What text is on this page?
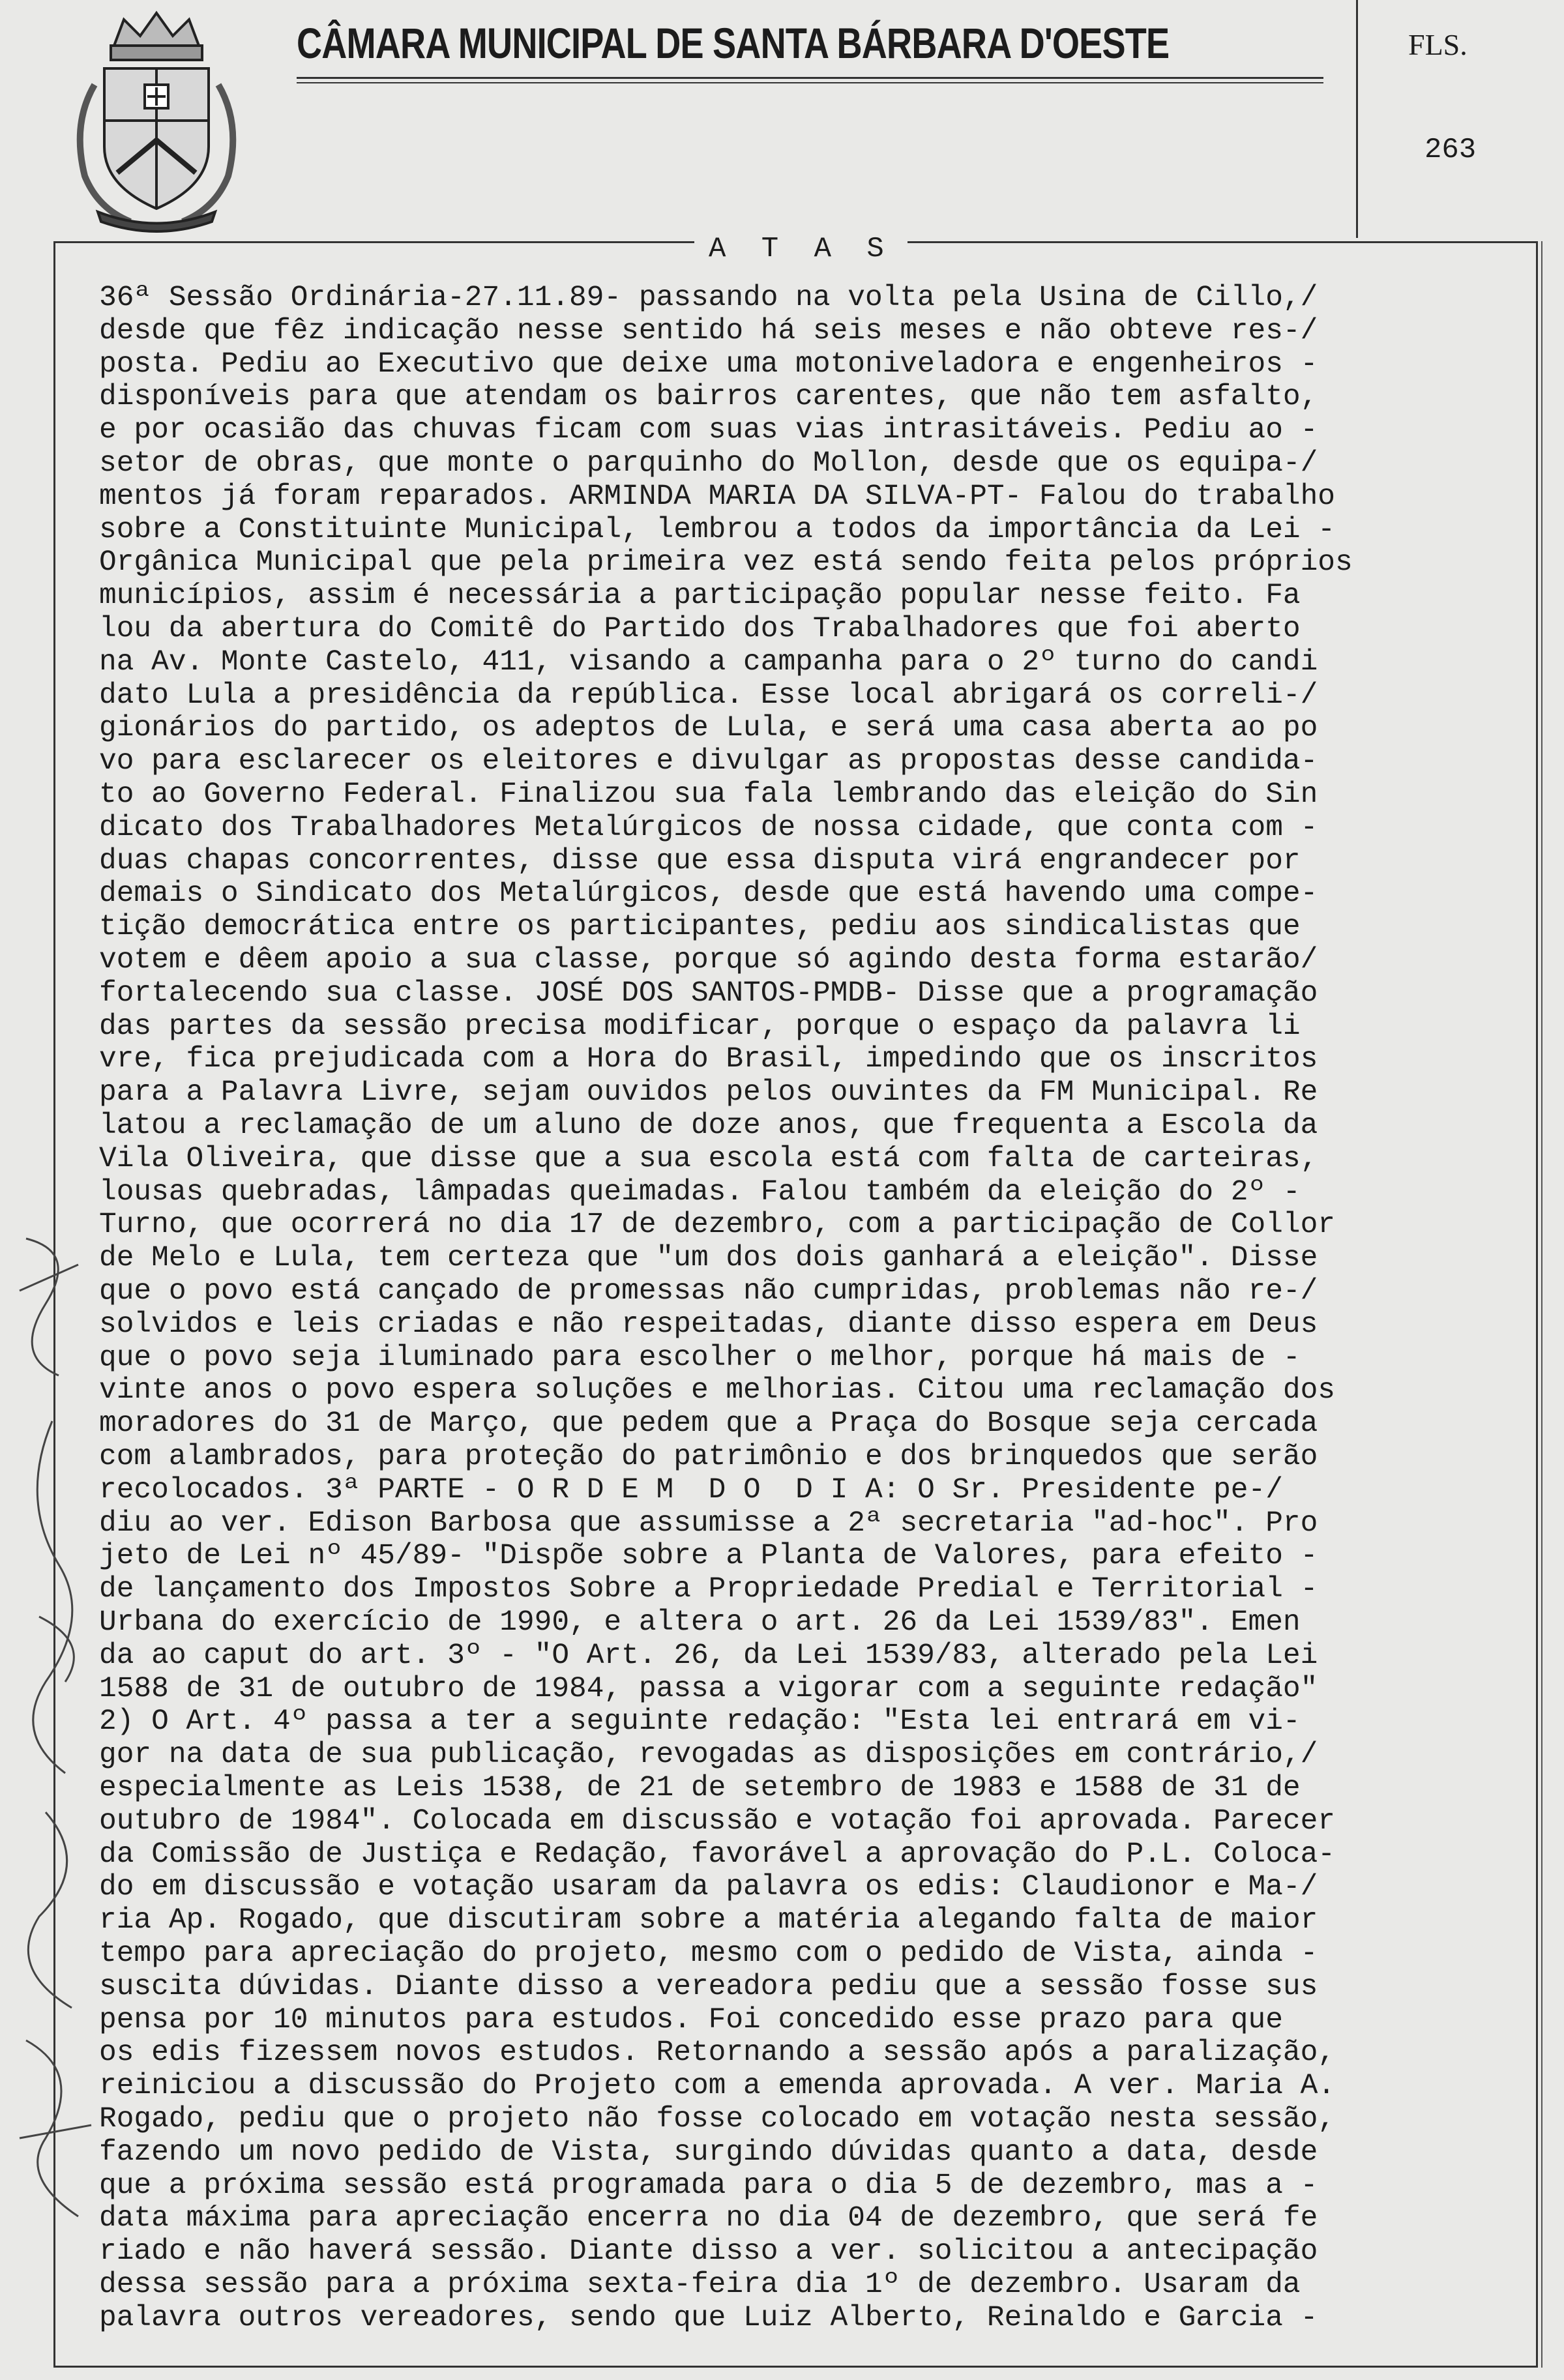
CÂMARA MUNICIPAL DE SANTA BÁRBARA D'OESTE	FLS.
263
A T A S
36ª Sessão Ordinária-27.11.89- passando na volta pela Usina de Cillo,/
desde que fêz indicação nesse sentido há seis meses e não obteve res-/
posta. Pediu ao Executivo que deixe uma motoniveladora e engenheiros -
disponíveis para que atendam os bairros carentes, que não tem asfalto,
e por ocasião das chuvas ficam com suas vias intrasitáveis. Pediu ao -
setor de obras, que monte o parquinho do Mollon, desde que os equipa-/
mentos já foram reparados. ARMINDA MARIA DA SILVA-PT- Falou do trabalho
sobre a Constituinte Municipal, lembrou a todos da importância da Lei -
Orgânica Municipal que pela primeira vez está sendo feita pelos próprios
municípios, assim é necessária a participação popular nesse feito. Fa
lou da abertura do Comitê do Partido dos Trabalhadores que foi aberto
na Av. Monte Castelo, 411, visando a campanha para o 2º turno do candi
dato Lula a presidência da república. Esse local abrigará os correli-/
gionários do partido, os adeptos de Lula, e será uma casa aberta ao po
vo para esclarecer os eleitores e divulgar as propostas desse candida-
to ao Governo Federal. Finalizou sua fala lembrando das eleição do Sin
dicato dos Trabalhadores Metalúrgicos de nossa cidade, que conta com -
duas chapas concorrentes, disse que essa disputa virá engrandecer por
demais o Sindicato dos Metalúrgicos, desde que está havendo uma compe-
tição democrática entre os participantes, pediu aos sindicalistas que
votem e dêem apoio a sua classe, porque só agindo desta forma estarão/
fortalecendo sua classe. JOSÉ DOS SANTOS-PMDB- Disse que a programação
das partes da sessão precisa modificar, porque o espaço da palavra li
vre, fica prejudicada com a Hora do Brasil, impedindo que os inscritos
para a Palavra Livre, sejam ouvidos pelos ouvintes da FM Municipal. Re
latou a reclamação de um aluno de doze anos, que frequenta a Escola da
Vila Oliveira, que disse que a sua escola está com falta de carteiras,
lousas quebradas, lâmpadas queimadas. Falou também da eleição do 2º -
Turno, que ocorrerá no dia 17 de dezembro, com a participação de Collor
de Melo e Lula, tem certeza que "um dos dois ganhará a eleição". Disse
que o povo está cançado de promessas não cumpridas, problemas não re-/
solvidos e leis criadas e não respeitadas, diante disso espera em Deus
que o povo seja iluminado para escolher o melhor, porque há mais de -
vinte anos o povo espera soluções e melhorias. Citou uma reclamação dos
moradores do 31 de Março, que pedem que a Praça do Bosque seja cercada
com alambrados, para proteção do patrimônio e dos brinquedos que serão
recolocados. 3ª PARTE - O R D E M  D O  D I A: O Sr. Presidente pe-/
diu ao ver. Edison Barbosa que assumisse a 2ª secretaria "ad-hoc". Pro
jeto de Lei nº 45/89- "Dispõe sobre a Planta de Valores, para efeito -
de lançamento dos Impostos Sobre a Propriedade Predial e Territorial -
Urbana do exercício de 1990, e altera o art. 26 da Lei 1539/83". Emen
da ao caput do art. 3º - "O Art. 26, da Lei 1539/83, alterado pela Lei
1588 de 31 de outubro de 1984, passa a vigorar com a seguinte redação"
2) O Art. 4º passa a ter a seguinte redação: "Esta lei entrará em vi-
gor na data de sua publicação, revogadas as disposições em contrário,/
especialmente as Leis 1538, de 21 de setembro de 1983 e 1588 de 31 de
outubro de 1984". Colocada em discussão e votação foi aprovada. Parecer
da Comissão de Justiça e Redação, favorável a aprovação do P.L. Coloca-
do em discussão e votação usaram da palavra os edis: Claudionor e Ma-/
ria Ap. Rogado, que discutiram sobre a matéria alegando falta de maior
tempo para apreciação do projeto, mesmo com o pedido de Vista, ainda -
suscita dúvidas. Diante disso a vereadora pediu que a sessão fosse sus
pensa por 10 minutos para estudos. Foi concedido esse prazo para que
os edis fizessem novos estudos. Retornando a sessão após a paralização,
reiniciou a discussão do Projeto com a emenda aprovada. A ver. Maria A.
Rogado, pediu que o projeto não fosse colocado em votação nesta sessão,
fazendo um novo pedido de Vista, surgindo dúvidas quanto a data, desde
que a próxima sessão está programada para o dia 5 de dezembro, mas a -
data máxima para apreciação encerra no dia 04 de dezembro, que será fe
riado e não haverá sessão. Diante disso a ver. solicitou a antecipação
dessa sessão para a próxima sexta-feira dia 1º de dezembro. Usaram da
palavra outros vereadores, sendo que Luiz Alberto, Reinaldo e Garcia -
